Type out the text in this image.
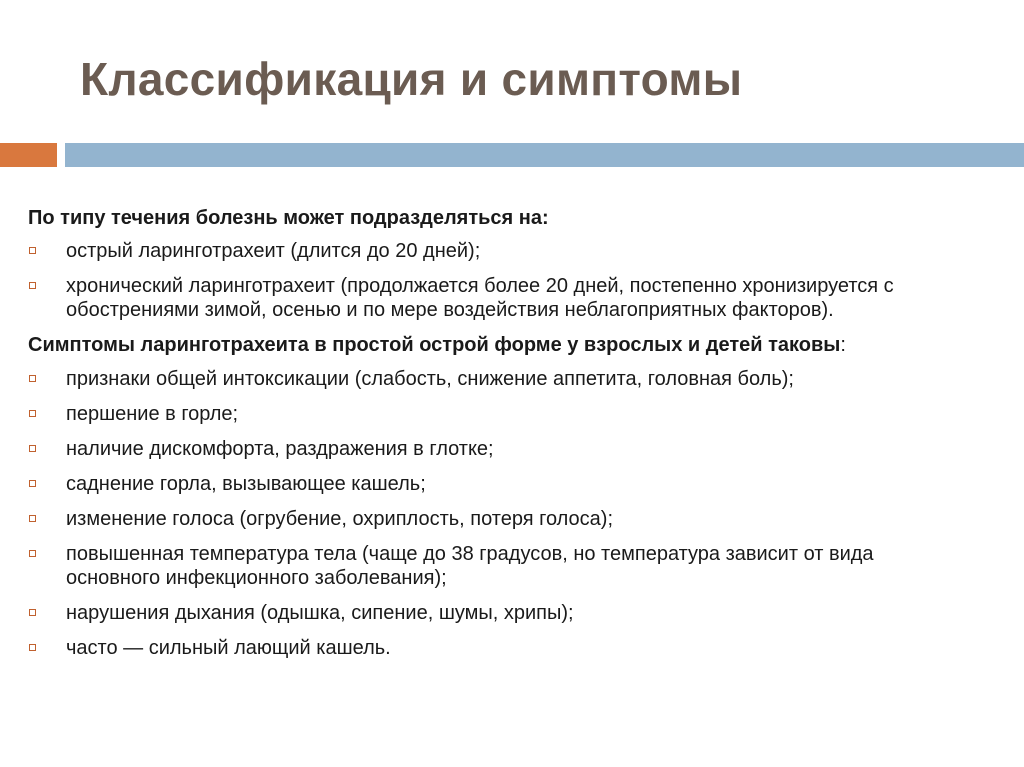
Классификация и симптомы

По типу течения болезнь может подразделяться на:

острый ларинготрахеит (длится до 20 дней);
хронический ларинготрахеит (продолжается более 20 дней, постепенно хронизируется с обострениями зимой, осенью и по мере воздействия неблагоприятных факторов).

Симптомы ларинготрахеита в простой острой форме у взрослых и детей таковы:

признаки общей интоксикации (слабость, снижение аппетита, головная боль);
першение в горле;
наличие дискомфорта, раздражения в глотке;
саднение горла, вызывающее кашель;
изменение голоса (огрубение, охриплость, потеря голоса);
повышенная температура тела (чаще до 38 градусов, но температура зависит от вида основного инфекционного заболевания);
нарушения дыхания (одышка, сипение, шумы, хрипы);
часто — сильный лающий кашель.
